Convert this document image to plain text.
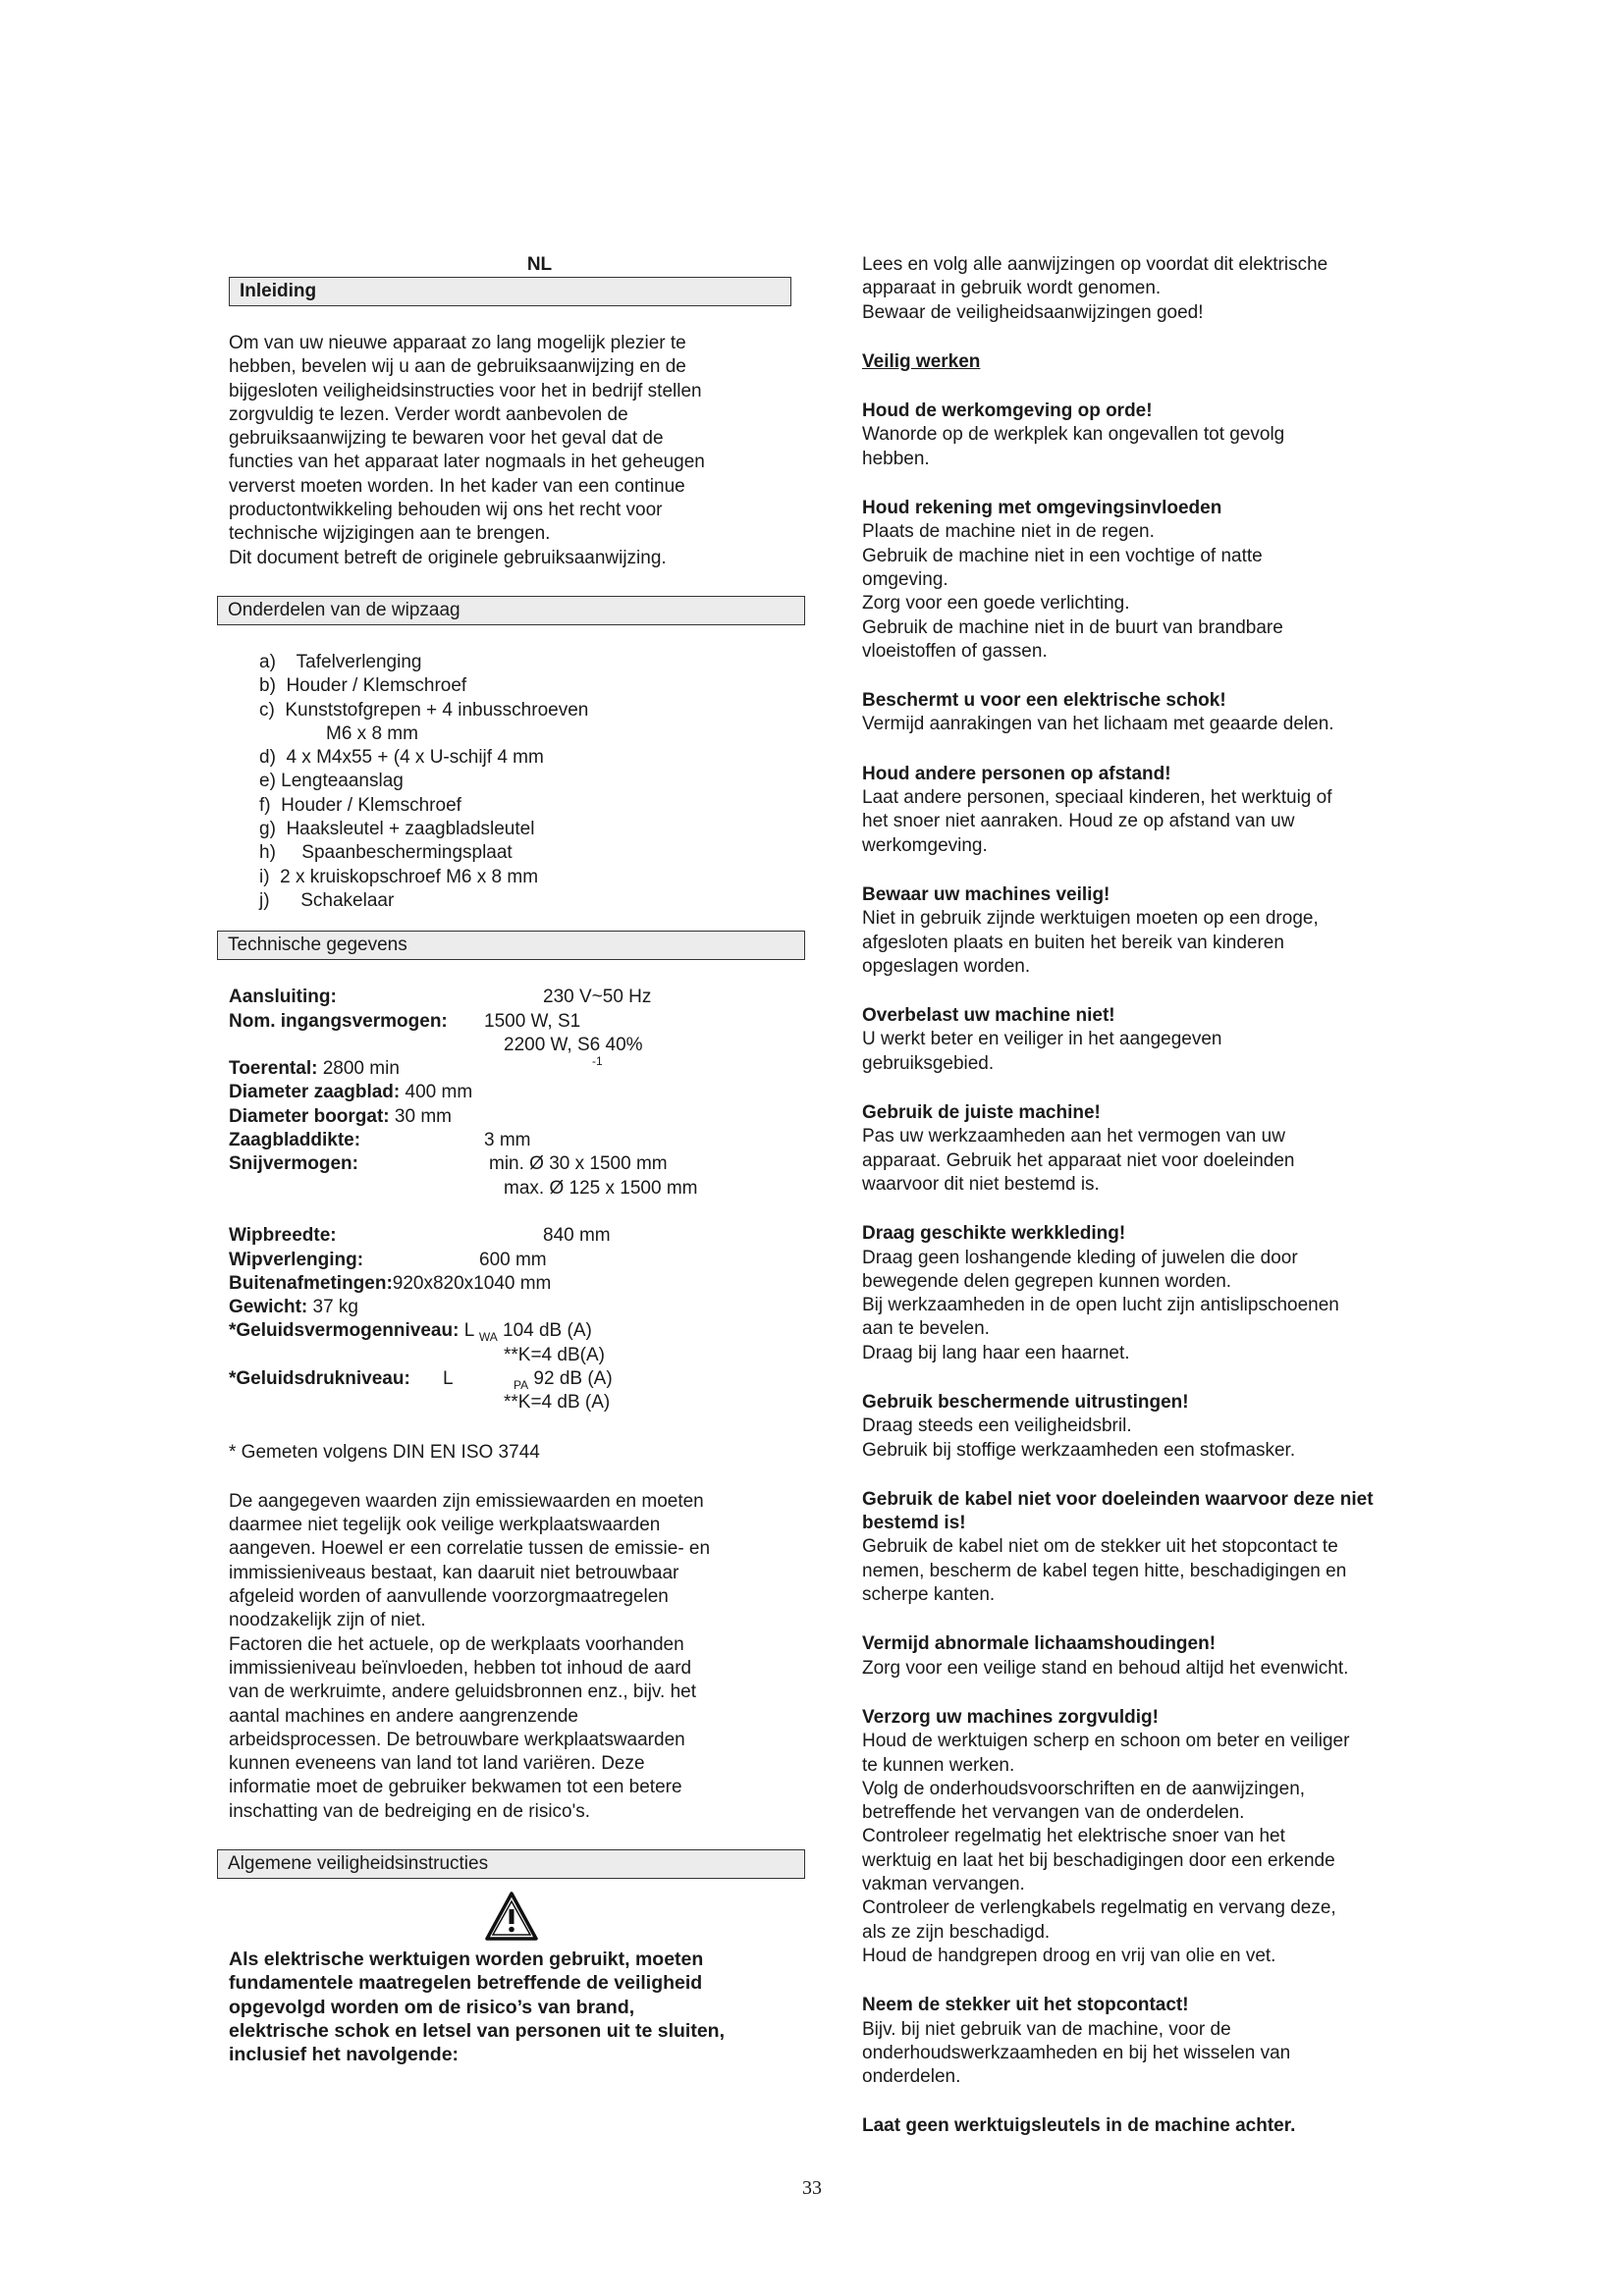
NL
Inleiding

Om van uw nieuwe apparaat zo lang mogelijk plezier te

hebben, bevelen wij u aan de gebruiksaanwijzing en de

bijgesloten veiligheidsinstructies voor het in bedrijf stellen

zorgvuldig te lezen. Verder wordt aanbevolen de

gebruiksaanwijzing te bewaren voor het geval dat de

functies van het apparaat later nogmaals in het geheugen

ververst moeten worden. In het kader van een continue

productontwikkeling behouden wij ons het recht voor

technische wijzigingen aan te brengen.

Dit document betreft de originele gebruiksaanwijzing.

Onderdelen van de wipzaag
a)    Tafelverlenging
b)  Houder / Klemschroef
c)  Kunststofgrepen + 4 inbusschroeven
M6 x 8 mm
d)  4 x M4x55 + (4 x U-schijf 4 mm
e) Lengteaanslag
f)  Houder / Klemschroef
g)  Haaksleutel + zaagbladsleutel
h)     Spaanbeschermingsplaat
i)  2 x kruiskopschroef M6 x 8 mm
j)      Schakelaar
Technische gegevens
Aansluiting:	230 V~50 Hz
Nom. ingangsvermogen: 1500 W, S1
2200 W, S6 40%
Toerental: 2800 min	-1
Diameter zaagblad: 400 mm
Diameter boorgat: 30 mm
Zaagbladdikte:	3 mm
Snijvermogen:	min. Ø 30 x 1500 mm
max. Ø 125 x 1500 mm
Wipbreedte:	840 mm
Wipverlenging:	600 mm
Buitenafmetingen:920x820x1040 mm
Gewicht: 37 kg
*Geluidsvermogenniveau: L $_{WA}$ 104 dB (A)
**K=4 dB(A)
*Geluidsdrukniveau: L	$_{PA}$ 92 dB (A)
**K=4 dB (A)

* Gemeten volgens DIN EN ISO 3744

De aangegeven waarden zijn emissiewaarden en moeten

daarmee niet tegelijk ook veilige werkplaatswaarden

aangeven. Hoewel er een correlatie tussen de emissie- en

immissieniveaus bestaat, kan daaruit niet betrouwbaar

afgeleid worden of aanvullende voorzorgmaatregelen

noodzakelijk zijn of niet.

Factoren die het actuele, op de werkplaats voorhanden

immissieniveau beïnvloeden, hebben tot inhoud de aard

van de werkruimte, andere geluidsbronnen enz., bijv. het

aantal machines en andere aangrenzende

arbeidsprocessen. De betrouwbare werkplaatswaarden

kunnen eveneens van land tot land variëren. Deze

informatie moet de gebruiker bekwamen tot een betere

inschatting van de bedreiging en de risico's.

Algemene veiligheidsinstructies

Als elektrische werktuigen worden gebruikt, moeten

fundamentele maatregelen betreffende de veiligheid

opgevolgd worden om de risico’s van brand,

elektrische schok en letsel van personen uit te sluiten,

inclusief het navolgende:

Lees en volg alle aanwijzingen op voordat dit elektrische

apparaat in gebruik wordt genomen.

Bewaar de veiligheidsaanwijzingen goed!

Veilig werken
Houd de werkomgeving op orde!

Wanorde op de werkplek kan ongevallen tot gevolg

hebben.

Houd rekening met omgevingsinvloeden

Plaats de machine niet in de regen.

Gebruik de machine niet in een vochtige of natte

omgeving.

Zorg voor een goede verlichting.

Gebruik de machine niet in de buurt van brandbare

vloeistoffen of gassen.

Beschermt u voor een elektrische schok!

Vermijd aanrakingen van het lichaam met geaarde delen.

Houd andere personen op afstand!

Laat andere personen, speciaal kinderen, het werktuig of

het snoer niet aanraken. Houd ze op afstand van uw

werkomgeving.

Bewaar uw machines veilig!

Niet in gebruik zijnde werktuigen moeten op een droge,

afgesloten plaats en buiten het bereik van kinderen

opgeslagen worden.

Overbelast uw machine niet!

U werkt beter en veiliger in het aangegeven

gebruiksgebied.

Gebruik de juiste machine!

Pas uw werkzaamheden aan het vermogen van uw

apparaat. Gebruik het apparaat niet voor doeleinden

waarvoor dit niet bestemd is.

Draag geschikte werkkleding!

Draag geen loshangende kleding of juwelen die door

bewegende delen gegrepen kunnen worden.

Bij werkzaamheden in de open lucht zijn antislipschoenen

aan te bevelen.

Draag bij lang haar een haarnet.

Gebruik beschermende uitrustingen!

Draag steeds een veiligheidsbril.

Gebruik bij stoffige werkzaamheden een stofmasker.

Gebruik de kabel niet voor doeleinden waarvoor deze niet bestemd is!

Gebruik de kabel niet om de stekker uit het stopcontact te

nemen, bescherm de kabel tegen hitte, beschadigingen en

scherpe kanten.

Vermijd abnormale lichaamshoudingen!

Zorg voor een veilige stand en behoud altijd het evenwicht.

Verzorg uw machines zorgvuldig!

Houd de werktuigen scherp en schoon om beter en veiliger

te kunnen werken.

Volg de onderhoudsvoorschriften en de aanwijzingen,

betreffende het vervangen van de onderdelen.

Controleer regelmatig het elektrische snoer van het

werktuig en laat het bij beschadigingen door een erkende

vakman vervangen.

Controleer de verlengkabels regelmatig en vervang deze,

als ze zijn beschadigd.

Houd de handgrepen droog en vrij van olie en vet.

Neem de stekker uit het stopcontact!

Bijv. bij niet gebruik van de machine, voor de

onderhoudswerkzaamheden en bij het wisselen van

onderdelen.

Laat geen werktuigsleutels in de machine achter.
33
